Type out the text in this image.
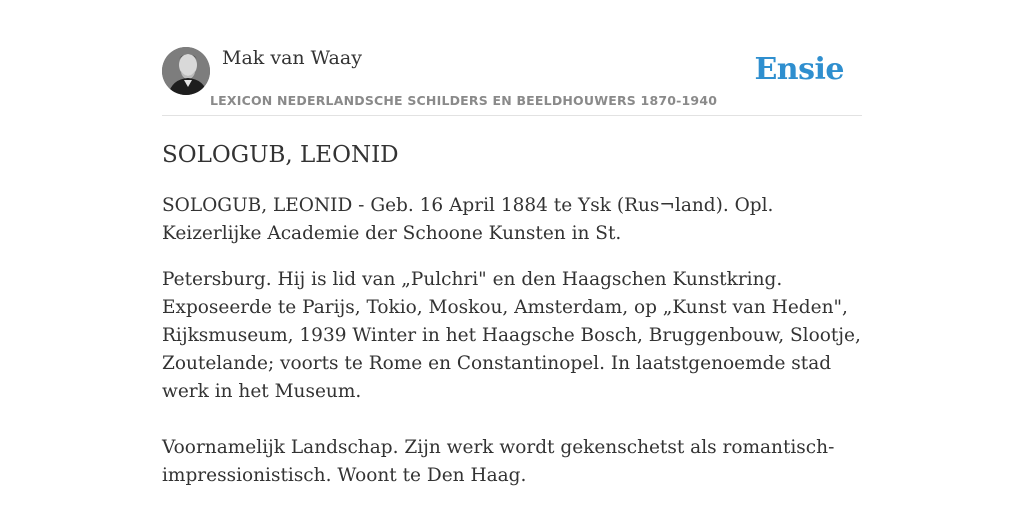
Mak van Waay
LEXICON NEDERLANDSCHE SCHILDERS EN BEELDHOUWERS 1870-1940
Ensie
SOLOGUB, LEONID

SOLOGUB, LEONID - Geb. 16 April 1884 te Ysk (Rus¬land). Opl. Keizerlijke Academie der Schoone Kunsten in St.

Petersburg. Hij is lid van „Pulchri" en den Haagschen Kunstkring. Exposeerde te Parijs, Tokio, Moskou, Amsterdam, op „Kunst van Heden", Rijksmuseum, 1939 Winter in het Haagsche Bosch, Bruggenbouw, Slootje, Zoutelande; voorts te Rome en Constantinopel. In laatstgenoemde stad werk in het Museum.

Voornamelijk Landschap. Zijn werk wordt gekenschetst als romantisch-impressionistisch. Woont te Den Haag.
